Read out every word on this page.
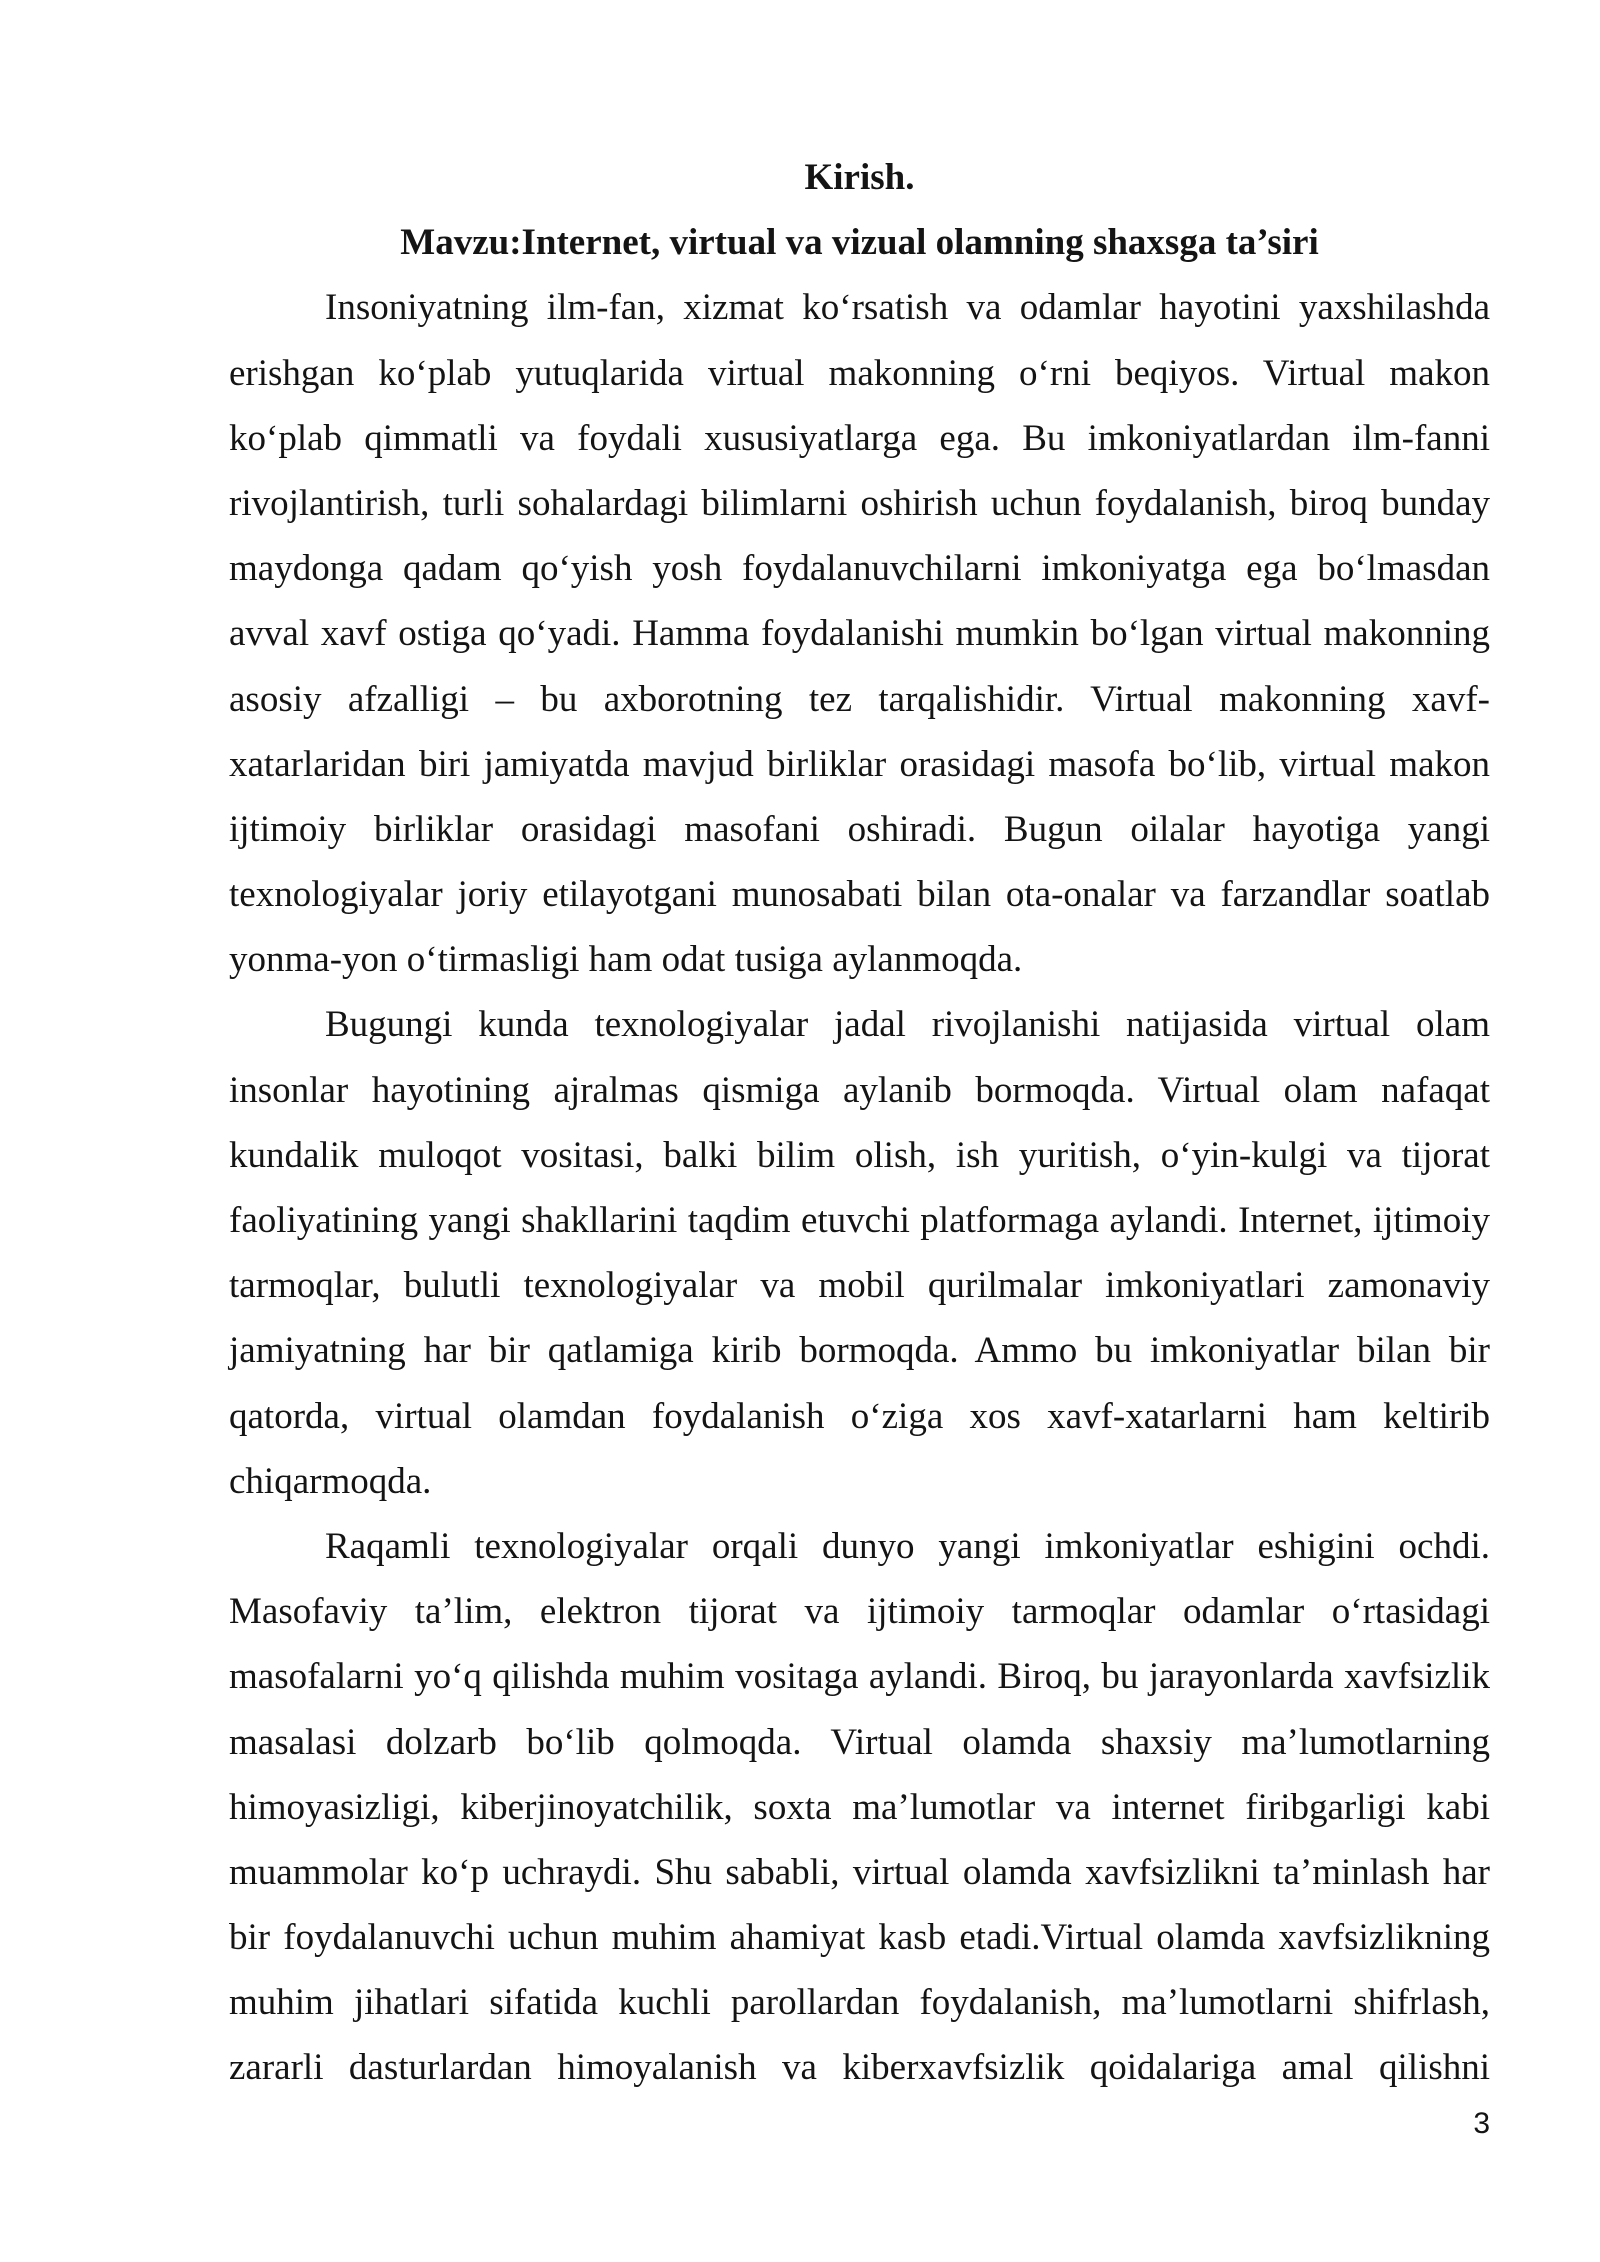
Kirish.
Mavzu:Internet, virtual va vizual olamning shaxsga ta’siri
Insoniyatning ilm-fan, xizmat ko‘rsatish va odamlar hayotini yaxshilashda
erishgan ko‘plab yutuqlarida virtual makonning o‘rni beqiyos. Virtual makon
ko‘plab qimmatli va foydali xususiyatlarga ega. Bu imkoniyatlardan ilm-fanni
rivojlantirish, turli sohalardagi bilimlarni oshirish uchun foydalanish, biroq bunday
maydonga qadam qo‘yish yosh foydalanuvchilarni imkoniyatga ega bo‘lmasdan
avval xavf ostiga qo‘yadi. Hamma foydalanishi mumkin bo‘lgan virtual makonning
asosiy afzalligi – bu axborotning tez tarqalishidir. Virtual makonning xavf-
xatarlaridan biri jamiyatda mavjud birliklar orasidagi masofa bo‘lib, virtual makon
ijtimoiy birliklar orasidagi masofani oshiradi. Bugun oilalar hayotiga yangi
texnologiyalar joriy etilayotgani munosabati bilan ota-onalar va farzandlar soatlab
yonma-yon o‘tirmasligi ham odat tusiga aylanmoqda.
Bugungi kunda texnologiyalar jadal rivojlanishi natijasida virtual olam
insonlar hayotining ajralmas qismiga aylanib bormoqda. Virtual olam nafaqat
kundalik muloqot vositasi, balki bilim olish, ish yuritish, o‘yin-kulgi va tijorat
faoliyatining yangi shakllarini taqdim etuvchi platformaga aylandi. Internet, ijtimoiy
tarmoqlar, bulutli texnologiyalar va mobil qurilmalar imkoniyatlari zamonaviy
jamiyatning har bir qatlamiga kirib bormoqda. Ammo bu imkoniyatlar bilan bir
qatorda, virtual olamdan foydalanish o‘ziga xos xavf-xatarlarni ham keltirib
chiqarmoqda.
Raqamli texnologiyalar orqali dunyo yangi imkoniyatlar eshigini ochdi.
Masofaviy ta’lim, elektron tijorat va ijtimoiy tarmoqlar odamlar o‘rtasidagi
masofalarni yo‘q qilishda muhim vositaga aylandi. Biroq, bu jarayonlarda xavfsizlik
masalasi dolzarb bo‘lib qolmoqda. Virtual olamda shaxsiy ma’lumotlarning
himoyasizligi, kiberjinoyatchilik, soxta ma’lumotlar va internet firibgarligi kabi
muammolar ko‘p uchraydi. Shu sababli, virtual olamda xavfsizlikni ta’minlash har
bir foydalanuvchi uchun muhim ahamiyat kasb etadi.Virtual olamda xavfsizlikning
muhim jihatlari sifatida kuchli parollardan foydalanish, ma’lumotlarni shifrlash,
zararli dasturlardan himoyalanish va kiberxavfsizlik qoidalariga amal qilishni
3
